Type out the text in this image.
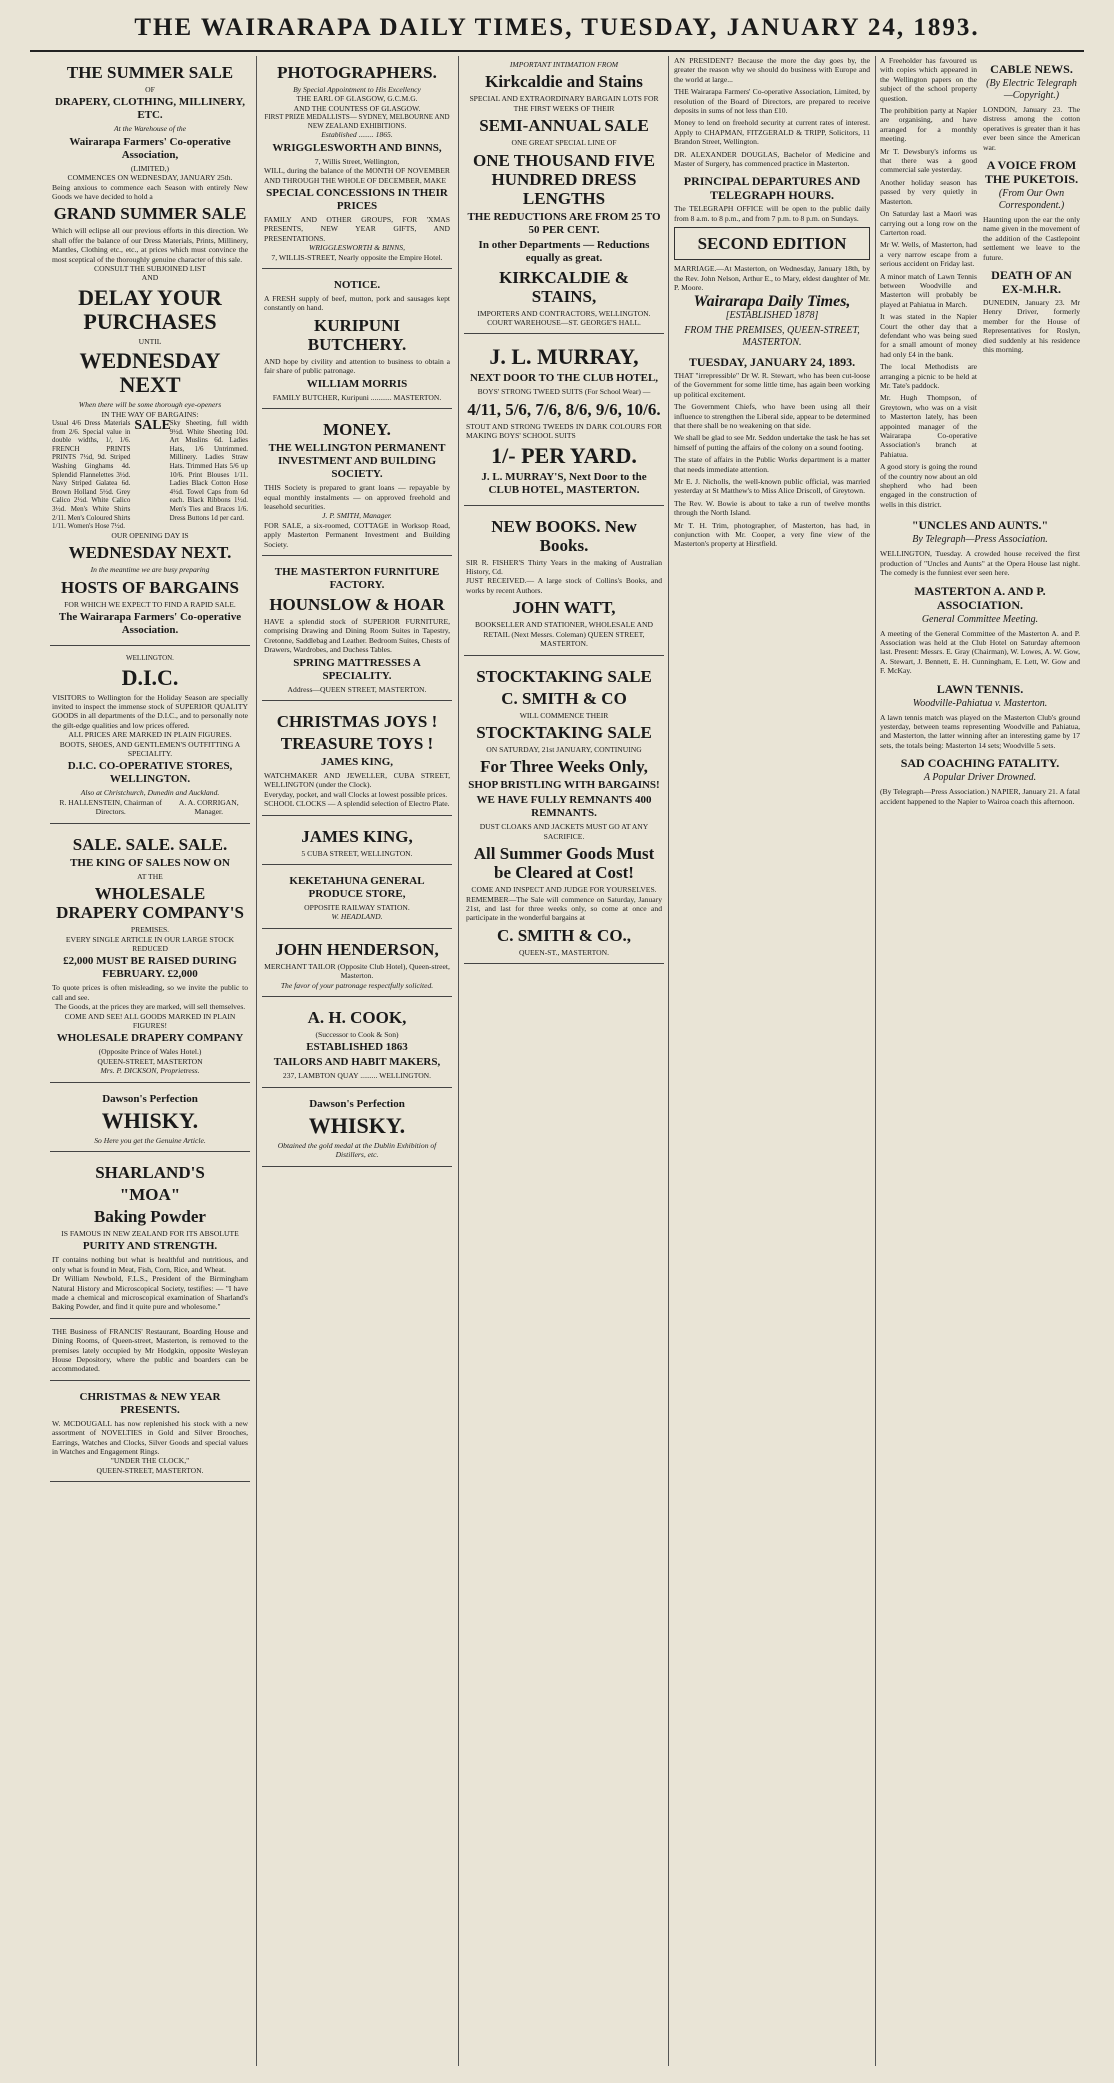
THE WAIRARAPA DAILY TIMES, TUESDAY, JANUARY 24, 1893.
THE SUMMER SALE
OF
DRAPERY, CLOTHING, MILLINERY, ETC.
At the Warehouse of the
Wairarapa Farmers' Co-operative Association,
(LIMITED,)
COMMENCES ON WEDNESDAY, JANUARY 25th.
Being anxious to commence each Season with entirely New Goods we have decided to hold a
GRAND SUMMER SALE
Which will eclipse all our previous efforts in this direction. We shall offer the balance of our Dress Materials, Prints, Millinery, Mantles, Clothing etc., etc., at prices which must convince the most sceptical of the thoroughly genuine character of this sale.
CONSULT THE SUBJOINED LIST
AND
DELAY YOUR PURCHASES
UNTIL
WEDNESDAY NEXT
When there will be some thorough eye-openers
IN THE WAY OF BARGAINS:
Usual 4/6 Dress Materials from 2/6. Special value in double widths, 1/, 1/6. FRENCH PRINTS PRINTS 7½d, 9d. Striped Washing Ginghams 4d. Splendid Flannelettes 3½d. Navy Striped Galatea 6d. Brown Holland 5½d. Grey Calico 2½d. White Calico 3½d. Men's White Shirts 2/11. Men's Coloured Shirts 1/11. Women's Hose 7½d.
SALE
Sky Sheeting, full width 9½d. White Sheeting 10d. Art Muslins 6d. Ladies Hats, 1/6 Untrimmed. Millinery. Ladies Straw Hats. Trimmed Hats 5/6 up 10/6. Print Blouses 1/11. Ladies Black Cotton Hose 4½d. Towel Caps from 6d each. Black Ribbons 1½d. Men's Ties and Braces 1/6. Dress Buttons 1d per card.
OUR OPENING DAY IS
WEDNESDAY NEXT.
In the meantime we are busy preparing
HOSTS OF BARGAINS
FOR WHICH WE EXPECT TO FIND A RAPID SALE.
The Wairarapa Farmers' Co-operative Association.
WELLINGTON.
D.I.C.
VISITORS to Wellington for the Holiday Season are specially invited to inspect the immense stock of SUPERIOR QUALITY GOODS in all departments of the D.I.C., and to personally note the gilt-edge qualities and low prices offered.
ALL PRICES ARE MARKED IN PLAIN FIGURES.
BOOTS, SHOES, AND GENTLEMEN'S OUTFITTING A SPECIALITY.
D.I.C. CO-OPERATIVE STORES, WELLINGTON.
Also at Christchurch, Dunedin and Auckland.
R. HALLENSTEIN, Chairman of Directors.
A. A. CORRIGAN, Manager.
SALE. SALE. SALE.
THE KING OF SALES NOW ON
AT THE
WHOLESALE DRAPERY COMPANY'S
PREMISES.
EVERY SINGLE ARTICLE IN OUR LARGE STOCK REDUCED
£2,000 MUST BE RAISED DURING FEBRUARY. £2,000
To quote prices is often misleading, so we invite the public to call and see.
The Goods, at the prices they are marked, will sell themselves.
COME AND SEE! ALL GOODS MARKED IN PLAIN FIGURES!
WHOLESALE DRAPERY COMPANY
(Opposite Prince of Wales Hotel.)
QUEEN-STREET, MASTERTON
Mrs. P. DICKSON, Proprietress.
Dawson's Perfection
WHISKY.
So Here you get the Genuine Article.
SHARLAND'S
"MOA"
Baking Powder
IS FAMOUS IN NEW ZEALAND FOR ITS ABSOLUTE
PURITY AND STRENGTH.
IT contains nothing but what is healthful and nutritious, and only what is found in Meat, Fish, Corn, Rice, and Wheat.
Dr William Newbold, F.L.S., President of the Birmingham Natural History and Microscopical Society, testifies: — "I have made a chemical and microscopical examination of Sharland's Baking Powder, and find it quite pure and wholesome."
THE Business of FRANCIS' Restaurant, Boarding House and Dining Rooms, of Queen-street, Masterton, is removed to the premises lately occupied by Mr Hodgkin, opposite Wesleyan House Depository, where the public and boarders can be accommodated.
CHRISTMAS & NEW YEAR PRESENTS.
W. MCDOUGALL has now replenished his stock with a new assortment of NOVELTIES in Gold and Silver Brooches, Earrings, Watches and Clocks, Silver Goods and special values in Watches and Engagement Rings.
"UNDER THE CLOCK,"
QUEEN-STREET, MASTERTON.
PHOTOGRAPHERS.
By Special Appointment to His Excellency
THE EARL OF GLASGOW, G.C.M.G.
AND THE COUNTESS OF GLASGOW.
FIRST PRIZE MEDALLISTS— SYDNEY, MELBOURNE AND NEW ZEALAND EXHIBITIONS.
Established ........ 1865.
WRIGGLESWORTH AND BINNS,
7, Willis Street, Wellington,
WILL, during the balance of the MONTH OF NOVEMBER AND THROUGH THE WHOLE OF DECEMBER, MAKE
SPECIAL CONCESSIONS IN THEIR PRICES
FAMILY AND OTHER GROUPS, FOR 'XMAS PRESENTS, NEW YEAR GIFTS, AND PRESENTATIONS.
WRIGGLESWORTH & BINNS,
7, WILLIS-STREET, Nearly opposite the Empire Hotel.
NOTICE.
A FRESH supply of beef, mutton, pork and sausages kept constantly on hand.
KURIPUNI BUTCHERY.
AND hope by civility and attention to business to obtain a fair share of public patronage.
WILLIAM MORRIS
FAMILY BUTCHER, Kuripuni ........... MASTERTON.
MONEY.
THE WELLINGTON PERMANENT INVESTMENT AND BUILDING SOCIETY.
THIS Society is prepared to grant loans — repayable by equal monthly instalments — on approved freehold and leasehold securities.
J. P. SMITH, Manager.
FOR SALE, a six-roomed, COTTAGE in Worksop Road, apply Masterton Permanent Investment and Building Society.
THE MASTERTON FURNITURE FACTORY.
HOUNSLOW & HOAR
HAVE a splendid stock of SUPERIOR FURNITURE, comprising Drawing and Dining Room Suites in Tapestry, Cretonne, Saddlebag and Leather. Bedroom Suites, Chests of Drawers, Wardrobes, and Duchess Tables.
SPRING MATTRESSES A SPECIALITY.
Address—QUEEN STREET, MASTERTON.
CHRISTMAS JOYS !
TREASURE TOYS !
JAMES KING,
WATCHMAKER AND JEWELLER, CUBA STREET, WELLINGTON (under the Clock).
Everyday, pocket, and wall Clocks at lowest possible prices.
SCHOOL CLOCKS — A splendid selection of Electro Plate.
JAMES KING,
5 CUBA STREET, WELLINGTON.
KEKETAHUNA GENERAL PRODUCE STORE,
OPPOSITE RAILWAY STATION.
W. HEADLAND.
JOHN HENDERSON,
MERCHANT TAILOR (Opposite Club Hotel), Queen-street, Masterton.
The favor of your patronage respectfully solicited.
A. H. COOK,
(Successor to Cook & Son)
ESTABLISHED 1863
TAILORS AND HABIT MAKERS,
237, LAMBTON QUAY ......... WELLINGTON.
Dawson's Perfection
WHISKY.
Obtained the gold medal at the Dublin Exhibition of Distillers, etc.
IMPORTANT INTIMATION FROM
Kirkcaldie and Stains
SPECIAL AND EXTRAORDINARY BARGAIN LOTS FOR THE FIRST WEEKS OF THEIR
SEMI-ANNUAL SALE
ONE GREAT SPECIAL LINE OF
ONE THOUSAND FIVE HUNDRED DRESS LENGTHS
THE REDUCTIONS ARE FROM 25 TO 50 PER CENT.
In other Departments — Reductions equally as great.
KIRKCALDIE & STAINS,
IMPORTERS AND CONTRACTORS, WELLINGTON.
COURT WAREHOUSE—ST. GEORGE'S HALL.
J. L. MURRAY,
NEXT DOOR TO THE CLUB HOTEL,
BOYS' STRONG TWEED SUITS (For School Wear) —
4/11, 5/6, 7/6, 8/6, 9/6, 10/6.
STOUT AND STRONG TWEEDS IN DARK COLOURS FOR MAKING BOYS' SCHOOL SUITS
1/- PER YARD.
J. L. MURRAY'S, Next Door to the CLUB HOTEL, MASTERTON.
NEW BOOKS. New Books.
SIR R. FISHER'S Thirty Years in the making of Australian History, Cd.
JUST RECEIVED.— A large stock of Collins's Books, and works by recent Authors.
JOHN WATT,
BOOKSELLER AND STATIONER, WHOLESALE AND RETAIL (Next Messrs. Coleman) QUEEN STREET, MASTERTON.
STOCKTAKING SALE
C. SMITH & CO
WILL COMMENCE THEIR
STOCKTAKING SALE
ON SATURDAY, 21st JANUARY, CONTINUING
For Three Weeks Only,
SHOP BRISTLING WITH BARGAINS!
WE HAVE FULLY REMNANTS 400 REMNANTS.
DUST CLOAKS AND JACKETS MUST GO AT ANY SACRIFICE.
All Summer Goods Must be Cleared at Cost!
COME AND INSPECT AND JUDGE FOR YOURSELVES.
REMEMBER—The Sale will commence on Saturday, January 21st, and last for three weeks only, so come at once and participate in the wonderful bargains at
C. SMITH & CO.,
QUEEN-ST., MASTERTON.
AN PRESIDENT? Because the more the day goes by, the greater the reason why we should do business with Europe and the world at large...
THE Wairarapa Farmers' Co-operative Association, Limited, by resolution of the Board of Directors, are prepared to receive deposits in sums of not less than £10.
Money to lend on freehold security at current rates of interest. Apply to CHAPMAN, FITZGERALD & TRIPP, Solicitors, 11 Brandon Street, Wellington.
DR. ALEXANDER DOUGLAS, Bachelor of Medicine and Master of Surgery, has commenced practice in Masterton.
PRINCIPAL DEPARTURES AND TELEGRAPH HOURS.
The TELEGRAPH OFFICE will be open to the public daily from 8 a.m. to 8 p.m., and from 7 p.m. to 8 p.m. on Sundays.
SECOND EDITION
MARRIAGE.—At Masterton, on Wednesday, January 18th, by the Rev. John Nelson, Arthur E., to Mary, eldest daughter of Mr. P. Moore.
Wairarapa Daily Times,
[ESTABLISHED 1878]
FROM THE PREMISES, QUEEN-STREET, MASTERTON.
TUESDAY, JANUARY 24, 1893.
THAT "irrepressible" Dr W. R. Stewart, who has been cut-loose of the Government for some little time, has again been working up political excitement.
The Government Chiefs, who have been using all their influence to strengthen the Liberal side, appear to be determined that there shall be no weakening on that side.
We shall be glad to see Mr. Seddon undertake the task he has set himself of putting the affairs of the colony on a sound footing.
The state of affairs in the Public Works department is a matter that needs immediate attention.
Mr E. J. Nicholls, the well-known public official, was married yesterday at St Matthew's to Miss Alice Driscoll, of Greytown.
The Rev. W. Bowie is about to take a run of twelve months through the North Island.
Mr T. H. Trim, photographer, of Masterton, has had, in conjunction with Mr. Cooper, a very fine view of the Masterton's property at Hirstfield.
A Freeholder has favoured us with copies which appeared in the Wellington papers on the subject of the school property question.
The prohibition party at Napier are organising, and have arranged for a monthly meeting.
Mr T. Dewsbury's informs us that there was a good commercial sale yesterday.
Another holiday season has passed by very quietly in Masterton.
On Saturday last a Maori was carrying out a long row on the Carterton road.
Mr W. Wells, of Masterton, had a very narrow escape from a serious accident on Friday last.
A minor match of Lawn Tennis between Woodville and Masterton will probably be played at Pahiatua in March.
It was stated in the Napier Court the other day that a defendant who was being sued for a small amount of money had only £4 in the bank.
The local Methodists are arranging a picnic to be held at Mr. Tate's paddock.
Mr. Hugh Thompson, of Greytown, who was on a visit to Masterton lately, has been appointed manager of the Wairarapa Co-operative Association's branch at Pahiatua.
A good story is going the round of the country now about an old shepherd who had been engaged in the construction of wells in this district.
CABLE NEWS.
(By Electric Telegraph—Copyright.)
LONDON, January 23. The distress among the cotton operatives is greater than it has ever been since the American war.
A VOICE FROM THE PUKETOIS.
(From Our Own Correspondent.)
Haunting upon the ear the only name given in the movement of the addition of the Castlepoint settlement we leave to the future.
DEATH OF AN EX-M.H.R.
DUNEDIN, January 23. Mr Henry Driver, formerly member for the House of Representatives for Roslyn, died suddenly at his residence this morning.
"UNCLES AND AUNTS."
By Telegraph—Press Association.
WELLINGTON, Tuesday. A crowded house received the first production of "Uncles and Aunts" at the Opera House last night. The comedy is the funniest ever seen here.
MASTERTON A. AND P. ASSOCIATION.
General Committee Meeting.
A meeting of the General Committee of the Masterton A. and P. Association was held at the Club Hotel on Saturday afternoon last. Present: Messrs. E. Gray (Chairman), W. Lowes, A. W. Gow, A. Stewart, J. Bennett, E. H. Cunningham, E. Lett, W. Gow and F. McKay.
LAWN TENNIS.
Woodville-Pahiatua v. Masterton.
A lawn tennis match was played on the Masterton Club's ground yesterday, between teams representing Woodville and Pahiatua, and Masterton, the latter winning after an interesting game by 17 sets, the totals being: Masterton 14 sets; Woodville 5 sets.
SAD COACHING FATALITY.
A Popular Driver Drowned.
(By Telegraph—Press Association.) NAPIER, January 21. A fatal accident happened to the Napier to Wairoa coach this afternoon.
